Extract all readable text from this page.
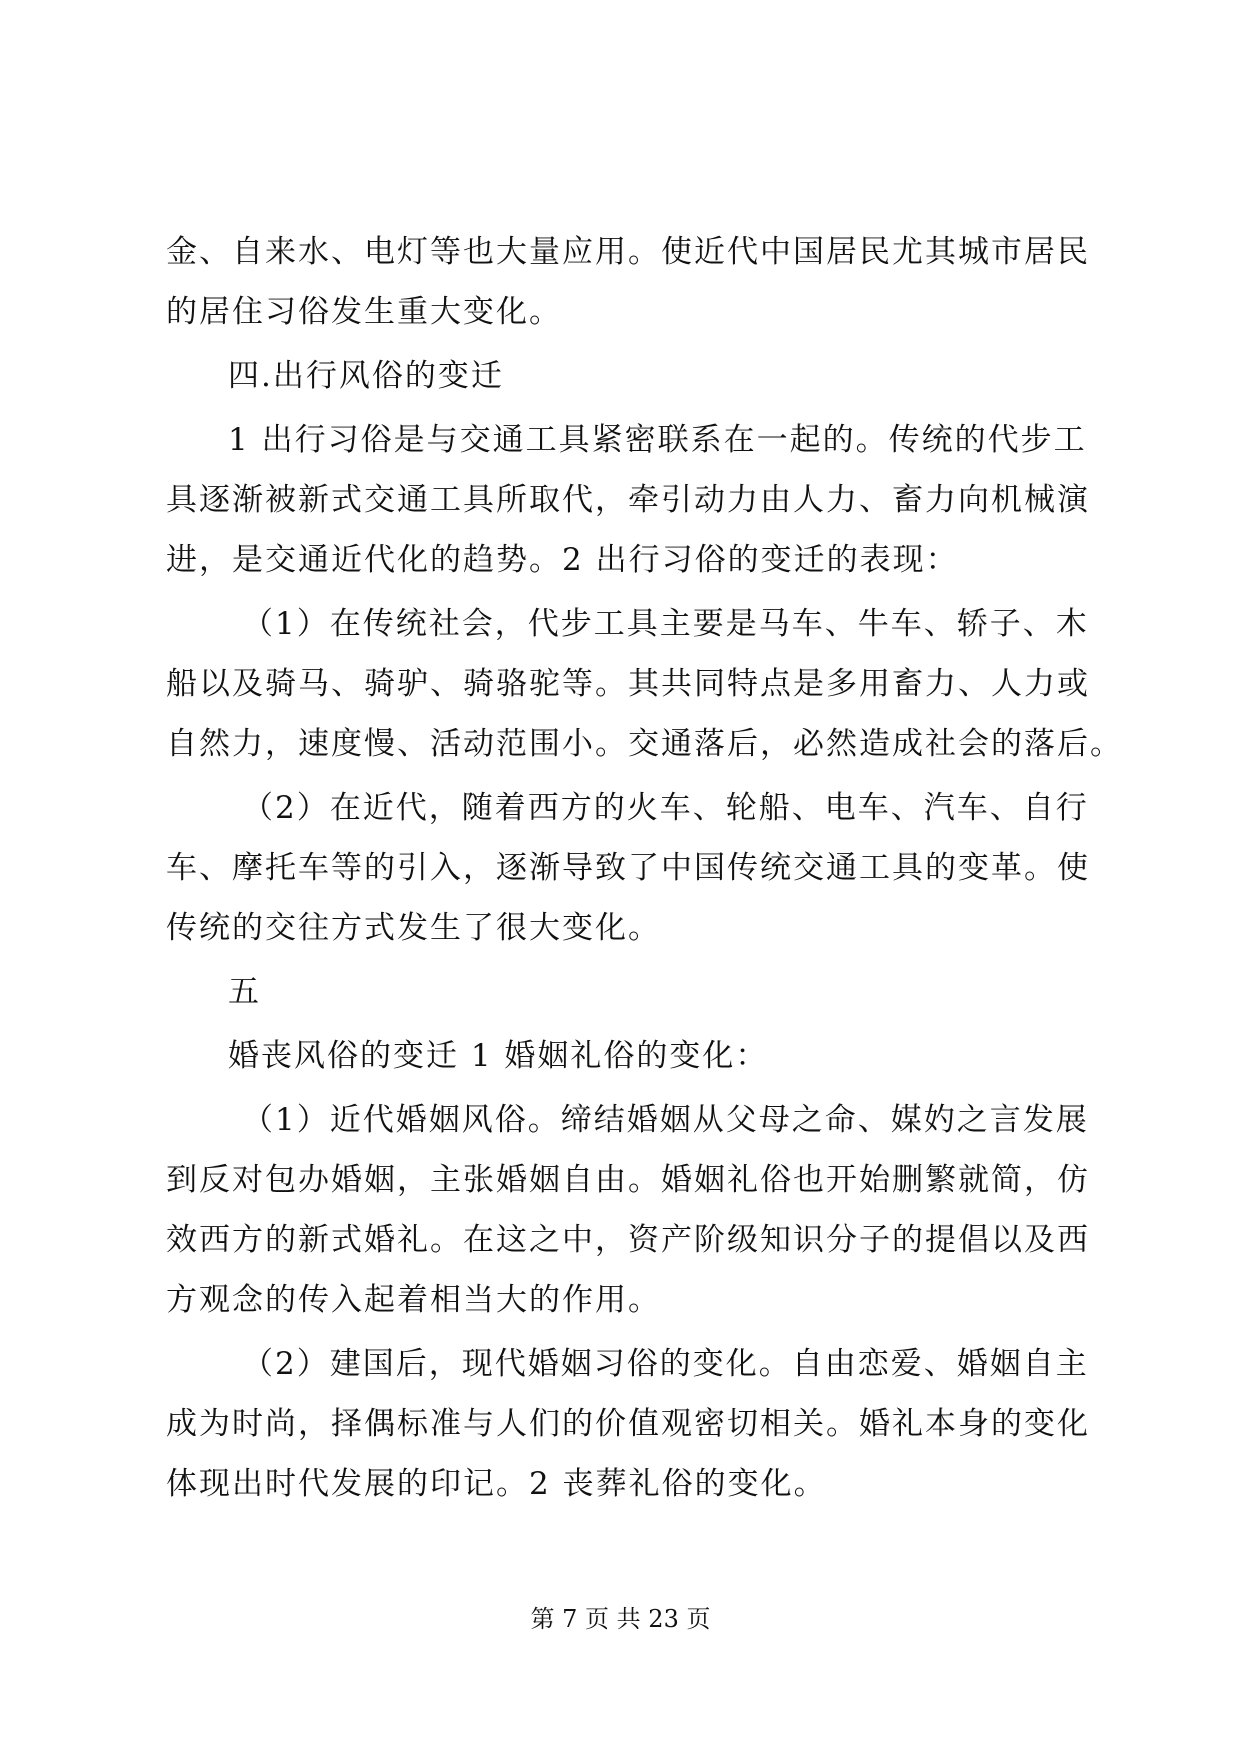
金、自来水、电灯等也大量应用。使近代中国居民尤其城市居民
的居住习俗发生重大变化。
四.出行风俗的变迁
1 出行习俗是与交通工具紧密联系在一起的。传统的代步工
具逐渐被新式交通工具所取代，牵引动力由人力、畜力向机械演
进，是交通近代化的趋势。2 出行习俗的变迁的表现：
（1）在传统社会，代步工具主要是马车、牛车、轿子、木
船以及骑马、骑驴、骑骆驼等。其共同特点是多用畜力、人力或
自然力，速度慢、活动范围小。交通落后，必然造成社会的落后。
（2）在近代，随着西方的火车、轮船、电车、汽车、自行
车、摩托车等的引入，逐渐导致了中国传统交通工具的变革。使
传统的交往方式发生了很大变化。
五
婚丧风俗的变迁 1 婚姻礼俗的变化：
（1）近代婚姻风俗。缔结婚姻从父母之命、媒妁之言发展
到反对包办婚姻，主张婚姻自由。婚姻礼俗也开始删繁就简，仿
效西方的新式婚礼。在这之中，资产阶级知识分子的提倡以及西
方观念的传入起着相当大的作用。
（2）建国后，现代婚姻习俗的变化。自由恋爱、婚姻自主
成为时尚，择偶标准与人们的价值观密切相关。婚礼本身的变化
体现出时代发展的印记。2 丧葬礼俗的变化。
第 7 页 共 23 页
